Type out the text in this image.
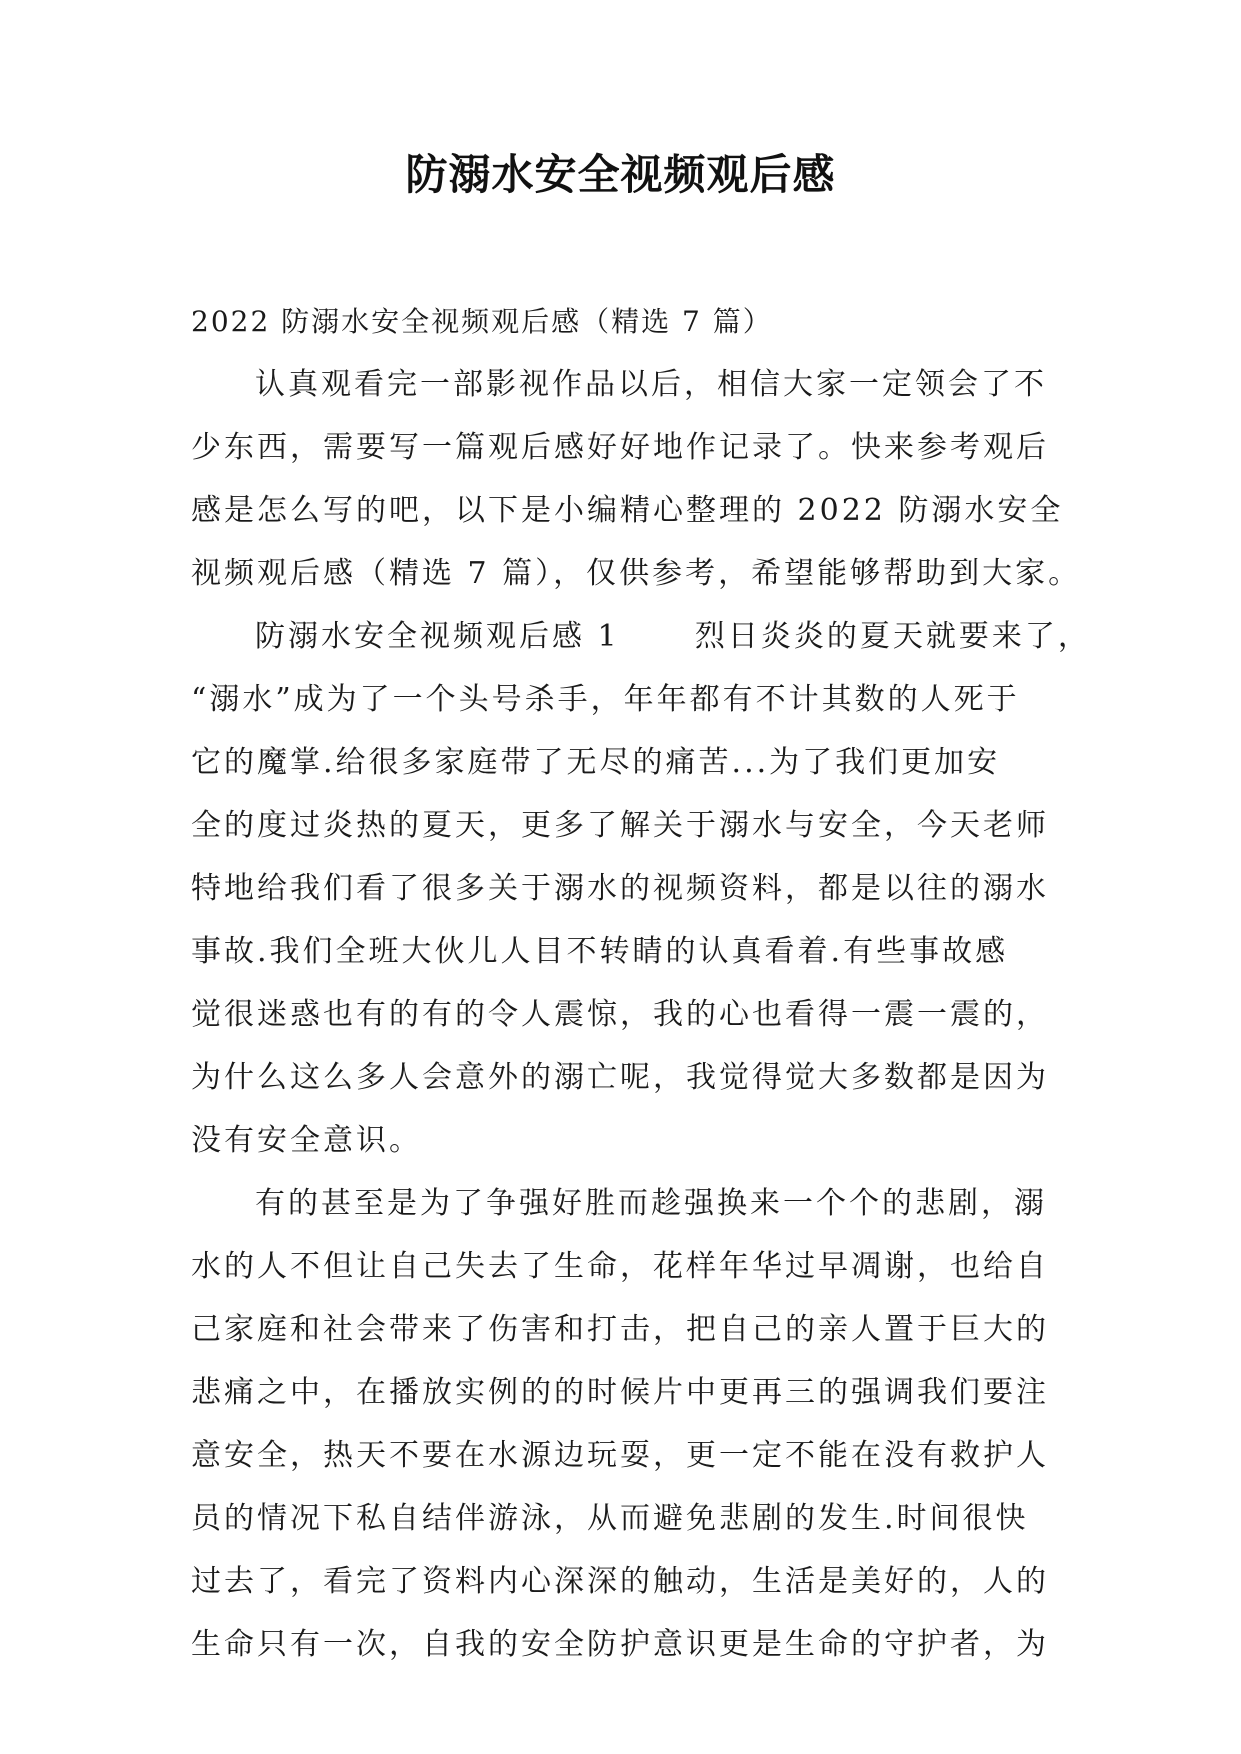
防溺水安全视频观后感
2022 防溺水安全视频观后感（精选 7 篇）
认真观看完一部影视作品以后，相信大家一定领会了不
少东西，需要写一篇观后感好好地作记录了。快来参考观后
感是怎么写的吧，以下是小编精心整理的 2022 防溺水安全
视频观后感（精选 7 篇），仅供参考，希望能够帮助到大家。
防溺水安全视频观后感 1      烈日炎炎的夏天就要来了，
“溺水”成为了一个头号杀手，年年都有不计其数的人死于
它的魔掌.给很多家庭带了无尽的痛苦...为了我们更加安
全的度过炎热的夏天，更多了解关于溺水与安全，今天老师
特地给我们看了很多关于溺水的视频资料，都是以往的溺水
事故.我们全班大伙儿人目不转睛的认真看着.有些事故感
觉很迷惑也有的有的令人震惊，我的心也看得一震一震的，
为什么这么多人会意外的溺亡呢，我觉得觉大多数都是因为
没有安全意识。
有的甚至是为了争强好胜而趁强换来一个个的悲剧，溺
水的人不但让自己失去了生命，花样年华过早凋谢，也给自
己家庭和社会带来了伤害和打击，把自己的亲人置于巨大的
悲痛之中，在播放实例的的时候片中更再三的强调我们要注
意安全，热天不要在水源边玩耍，更一定不能在没有救护人
员的情况下私自结伴游泳，从而避免悲剧的发生.时间很快
过去了，看完了资料内心深深的触动，生活是美好的，人的
生命只有一次，自我的安全防护意识更是生命的守护者，为
